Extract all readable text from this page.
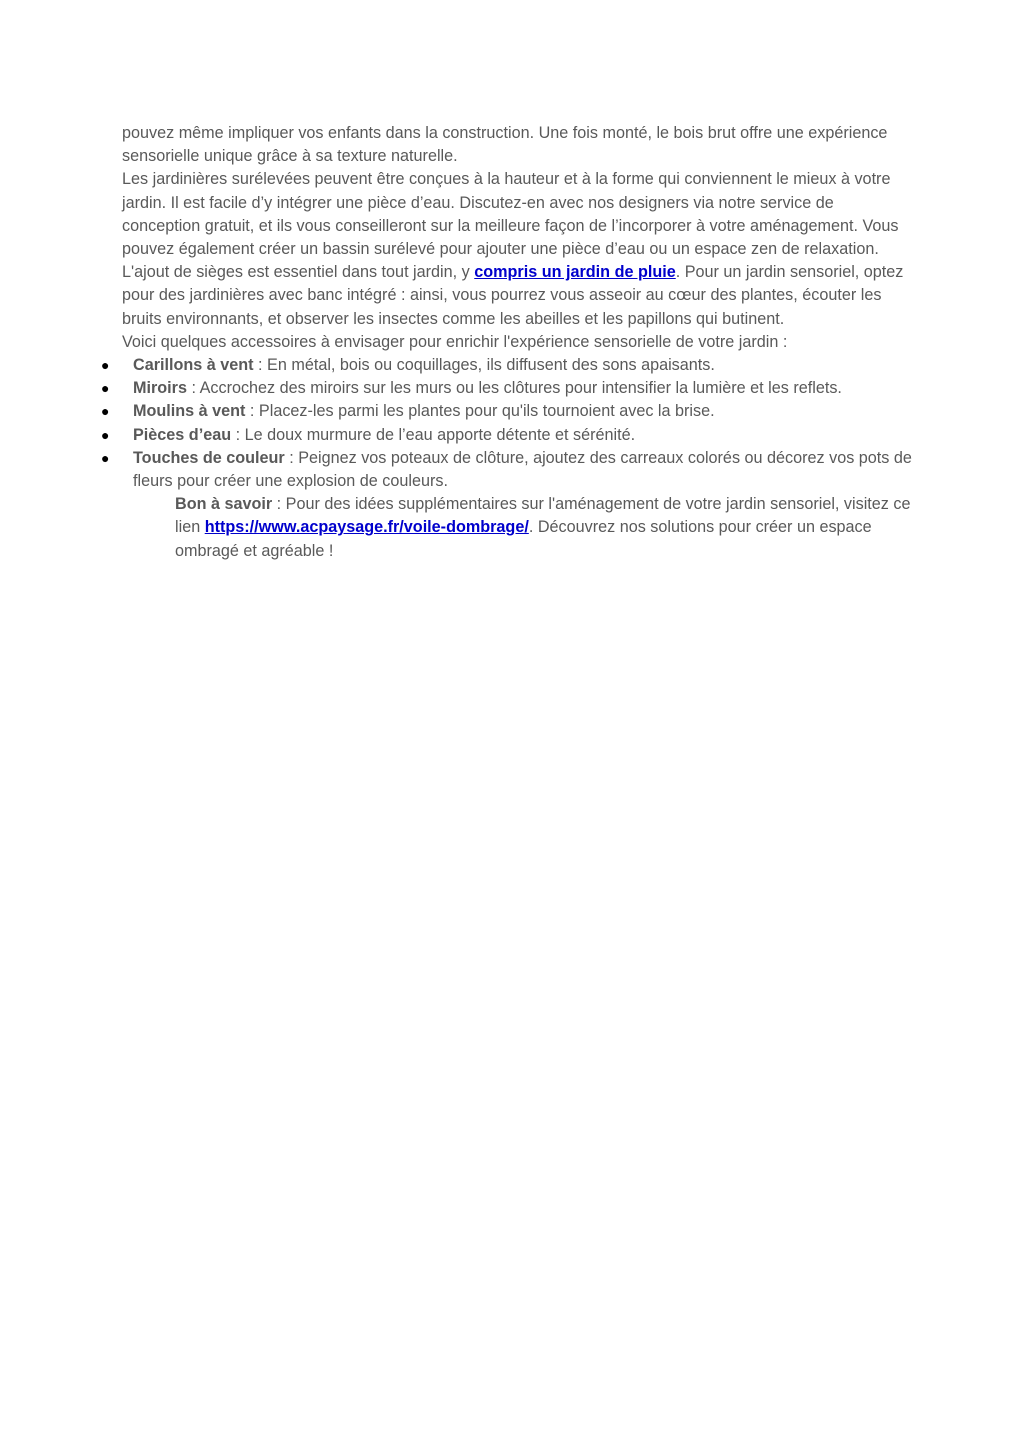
pouvez même impliquer vos enfants dans la construction. Une fois monté, le bois brut offre une expérience sensorielle unique grâce à sa texture naturelle.

Les jardinières surélevées peuvent être conçues à la hauteur et à la forme qui conviennent le mieux à votre jardin. Il est facile d’y intégrer une pièce d’eau. Discutez-en avec nos designers via notre service de conception gratuit, et ils vous conseilleront sur la meilleure façon de l’incorporer à votre aménagement. Vous pouvez également créer un bassin surélevé pour ajouter une pièce d’eau ou un espace zen de relaxation.

L'ajout de sièges est essentiel dans tout jardin, y compris un jardin de pluie. Pour un jardin sensoriel, optez pour des jardinières avec banc intégré : ainsi, vous pourrez vous asseoir au cœur des plantes, écouter les bruits environnants, et observer les insectes comme les abeilles et les papillons qui butinent.

Voici quelques accessoires à envisager pour enrichir l'expérience sensorielle de votre jardin :

● Carillons à vent : En métal, bois ou coquillages, ils diffusent des sons apaisants.
● Miroirs : Accrochez des miroirs sur les murs ou les clôtures pour intensifier la lumière et les reflets.
● Moulins à vent : Placez-les parmi les plantes pour qu'ils tournoient avec la brise.
● Pièces d’eau : Le doux murmure de l’eau apporte détente et sérénité.
● Touches de couleur : Peignez vos poteaux de clôture, ajoutez des carreaux colorés ou décorez vos pots de fleurs pour créer une explosion de couleurs.

Bon à savoir : Pour des idées supplémentaires sur l'aménagement de votre jardin sensoriel, visitez ce lien https://www.acpaysage.fr/voile-dombrage/. Découvrez nos solutions pour créer un espace ombragé et agréable !
